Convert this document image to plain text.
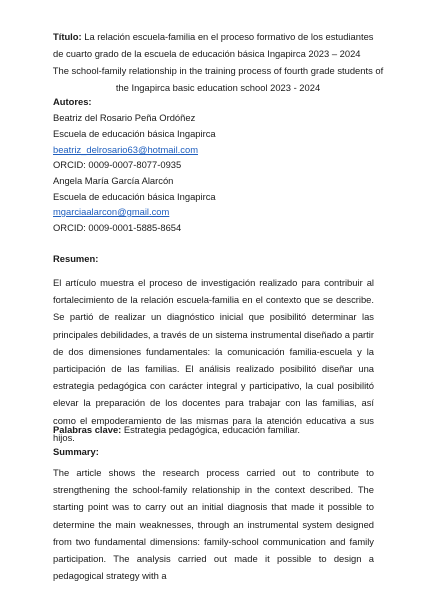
Título: La relación escuela-familia en el proceso formativo de los estudiantes
de cuarto grado de la escuela de educación básica Ingapirca 2023 – 2024
The school-family relationship in the training process of fourth grade students of
the Ingapirca basic education school 2023 - 2024
Autores:
Beatriz del Rosario Peña Ordóñez
Escuela de educación básica Ingapirca
beatriz_delrosario63@hotmail.com
ORCID: 0009-0007-8077-0935
Angela María García Alarcón
Escuela de educación básica Ingapirca
mgarciaalarcon@gmail.com
ORCID: 0009-0001-5885-8654
Resumen:

El artículo muestra el proceso de investigación realizado para contribuir al fortalecimiento de la relación escuela-familia en el contexto que se describe. Se partió de realizar un diagnóstico inicial que posibilitó determinar las principales debilidades, a través de un sistema instrumental diseñado a partir de dos dimensiones fundamentales: la comunicación familia-escuela y la participación de las familias. El análisis realizado posibilitó diseñar una estrategia pedagógica con carácter integral y participativo, la cual posibilitó elevar la preparación de los docentes para trabajar con las familias, así como el empoderamiento de las mismas para la atención educativa a sus hijos.

Palabras clave: Estrategia pedagógica, educación familiar.
Summary:

The article shows the research process carried out to contribute to strengthening the school-family relationship in the context described. The starting point was to carry out an initial diagnosis that made it possible to determine the main weaknesses, through an instrumental system designed from two fundamental dimensions: family-school communication and family participation. The analysis carried out made it possible to design a pedagogical strategy with a
